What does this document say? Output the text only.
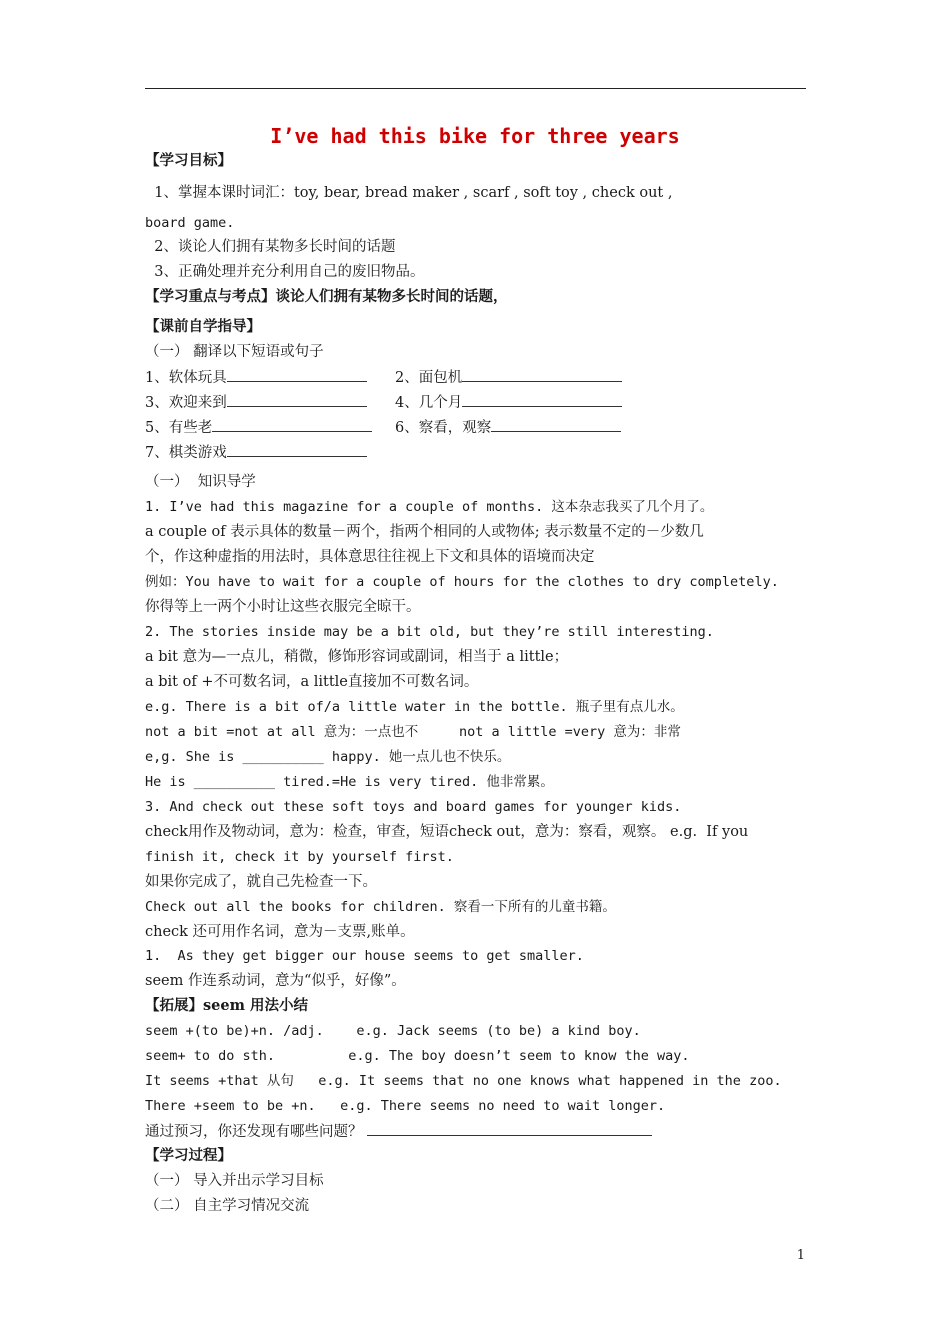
I’ve had this bike for three years
【学习目标】
1、掌握本课时词汇：toy, bear, bread maker , scarf , soft toy , check out ,
board game.
2、谈论人们拥有某物多长时间的话题
3、正确处理并充分利用自己的废旧物品。
【学习重点与考点】谈论人们拥有某物多长时间的话题，
【课前自学指导】
（一） 翻译以下短语或句子
1、软体玩具	2、面包机
3、欢迎来到	4、几个月
5、有些老	6、察看，观察
7、棋类游戏
（一）  知识导学
1. I’ve had this magazine for a couple of months. 这本杂志我买了几个月了。
a couple of 表示具体的数量－两个，指两个相同的人或物体; 表示数量不定的－少数几
个，作这种虚指的用法时，具体意思往往视上下文和具体的语境而决定
例如：You have to wait for a couple of hours for the clothes to dry completely.
你得等上一两个小时让这些衣服完全晾干。
2. The stories inside may be a bit old, but they’re still interesting.
a bit 意为—一点儿，稍微，修饰形容词或副词，相当于 a little；
a bit of +不可数名词，a little直接加不可数名词。
e.g. There is a bit of/a little water in the bottle. 瓶子里有点儿水。
not a bit =not at all 意为：一点也不     not a little =very 意为：非常
e,g. She is __________ happy. 她一点儿也不快乐。
He is __________ tired.=He is very tired. 他非常累。
3. And check out these soft toys and board games for younger kids.
check用作及物动词，意为：检查，审查，短语check out，意为：察看，观察。 e.g.  If you
finish it, check it by yourself first.
如果你完成了，就自己先检查一下。
Check out all the books for children. 察看一下所有的儿童书籍。
check 还可用作名词，意为－支票,账单。
1.  As they get bigger our house seems to get smaller.
seem 作连系动词，意为“似乎，好像”。
【拓展】seem 用法小结
seem +(to be)+n. /adj.    e.g. Jack seems (to be) a kind boy.
seem+ to do sth.         e.g. The boy doesn’t seem to know the way.
It seems +that 从句   e.g. It seems that no one knows what happened in the zoo.
There +seem to be +n.   e.g. There seems no need to wait longer.
通过预习，你还发现有哪些问题？
【学习过程】
（一） 导入并出示学习目标
（二） 自主学习情况交流
1
